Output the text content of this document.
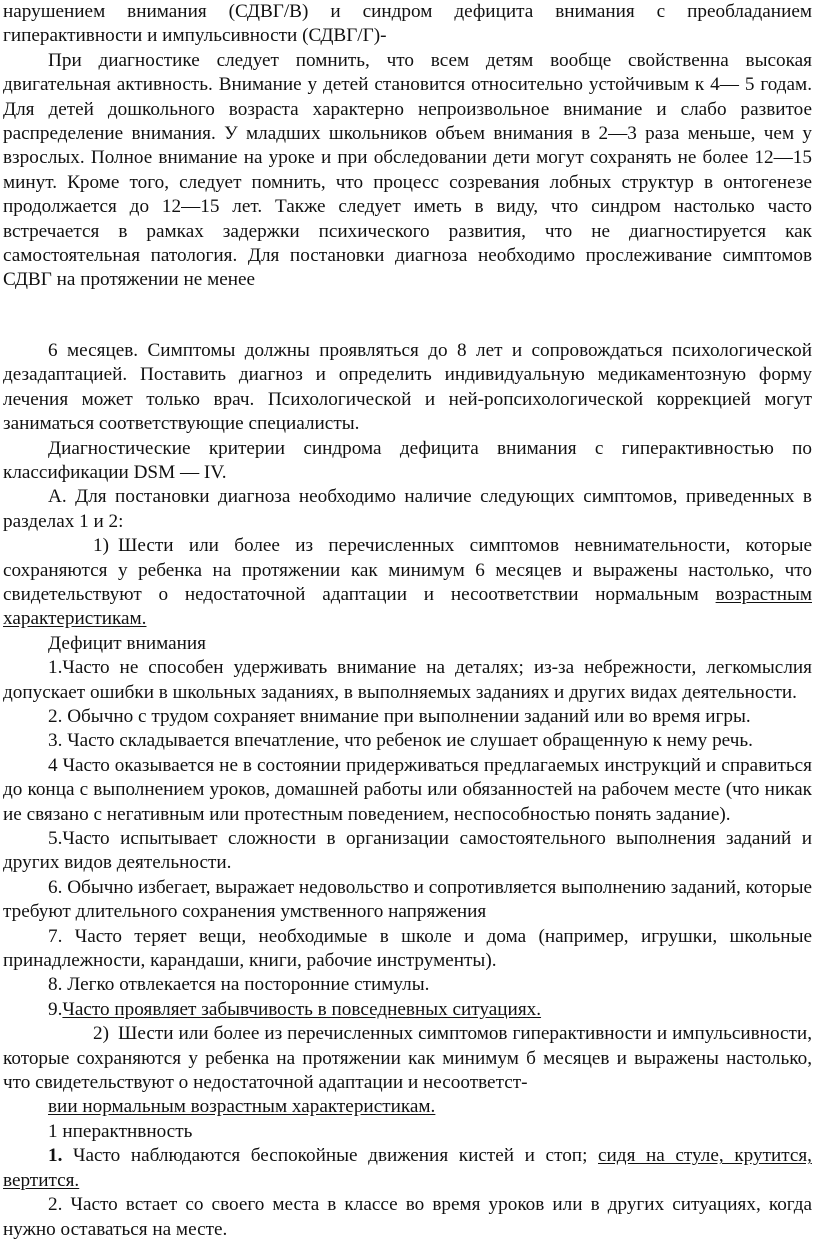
нарушением внимания (СДВГ/В) и синдром дефицита внимания с преобладанием гиперактивности и импульсивности (СДВГ/Г)-

При диагностике следует помнить, что всем детям вообще свойственна высокая двигательная активность. Внимание у детей становится относительно устойчивым к 4— 5 годам. Для детей дошкольного возраста характерно непроизвольное внимание и слабо развитое распределение внимания. У младших школьников объем внимания в 2—3 раза меньше, чем у взрослых. Полное внимание на уроке и при обследовании дети могут сохранять не более 12—15 минут. Кроме того, следует помнить, что процесс созревания лобных структур в онтогенезе продолжается до 12—15 лет. Также следует иметь в виду, что синдром настолько часто встречается в рамках задержки психического развития, что не диагностируется как самостоятельная патология. Для постановки диагноза необходимо прослеживание симптомов СДВГ на протяжении не менее

6 месяцев. Симптомы должны проявляться до 8 лет и сопровождаться психологической дезадаптацией. Поставить диагноз и определить индивидуальную медикаментозную форму лечения может только врач. Психологической и ней-ропсихологической коррекцией могут заниматься соответствующие специалисты.

Диагностические критерии синдрома дефицита внимания с гиперактивностью по классификации DSM — IV.

А. Для постановки диагноза необходимо наличие следующих симптомов, приведенных в разделах 1 и 2:

1) Шести или более из перечисленных симптомов невнимательности, которые сохраняются у ребенка на протяжении как минимум 6 месяцев и выражены настолько, что свидетельствуют о недостаточной адаптации и несоответствии нормальным возрастным характеристикам.

Дефицит внимания

1.Часто не способен удерживать внимание на деталях; из-за небрежности, легкомыслия допускает ошибки в школьных заданиях, в выполняемых заданиях и других видах деятельности.

2. Обычно с трудом сохраняет внимание при выполнении заданий или во время игры.

3. Часто складывается впечатление, что ребенок ие слушает обращенную к нему речь.

4 Часто оказывается не в состоянии придерживаться предлагаемых инструкций и справиться до конца с выполнением уроков, домашней работы или обязанностей на рабочем месте (что никак ие связано с негативным или протестным поведением, неспособностью понять задание).

5.Часто испытывает сложности в организации самостоятельного выполнения заданий и других видов деятельности.

6. Обычно избегает, выражает недовольство и сопротивляется выполнению заданий, которые требуют длительного сохранения умственного напряжения

7. Часто теряет вещи, необходимые в школе и дома (например, игрушки, школьные принадлежности, карандаши, книги, рабочие инструменты).

8. Легко отвлекается на посторонние стимулы.

9.Часто проявляет забывчивость в повседневных ситуациях.

2) Шести или более из перечисленных симптомов гиперактивности и импульсивности, которые сохраняются у ребенка на протяжении как минимум б месяцев и выражены настолько, что свидетельствуют о недостаточной адаптации и несоответст-

вии нормальным возрастным характеристикам.

1 нперактнвность

1. Часто наблюдаются беспокойные движения кистей и стоп; сидя на стуле, крутится, вертится.

2. Часто встает со своего места в классе во время уроков или в других ситуациях, когда нужно оставаться на месте.
